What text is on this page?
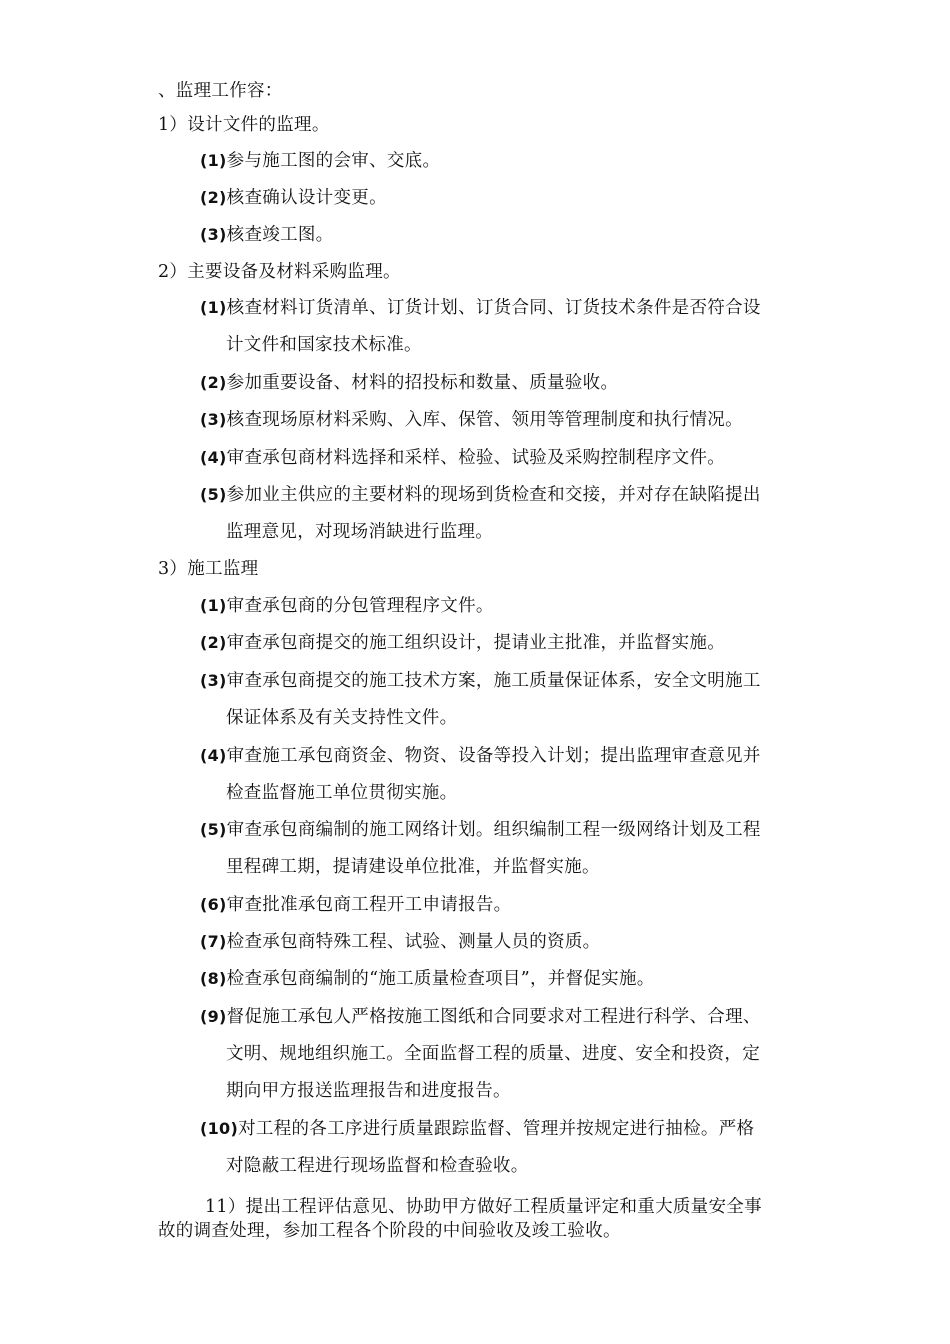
、监理工作容：
1）设计文件的监理。
(1)参与施工图的会审、交底。
(2)核查确认设计变更。
(3)核查竣工图。
2）主要设备及材料采购监理。
(1)核查材料订货清单、订货计划、订货合同、订货技术条件是否符合设
计文件和国家技术标准。
(2)参加重要设备、材料的招投标和数量、质量验收。
(3)核查现场原材料采购、入库、保管、领用等管理制度和执行情况。
(4)审查承包商材料选择和采样、检验、试验及采购控制程序文件。
(5)参加业主供应的主要材料的现场到货检查和交接，并对存在缺陷提出
监理意见，对现场消缺进行监理。
3）施工监理
(1)审查承包商的分包管理程序文件。
(2)审查承包商提交的施工组织设计，提请业主批准，并监督实施。
(3)审查承包商提交的施工技术方案，施工质量保证体系，安全文明施工
保证体系及有关支持性文件。
(4)审查施工承包商资金、物资、设备等投入计划；提出监理审查意见并
检查监督施工单位贯彻实施。
(5)审查承包商编制的施工网络计划。组织编制工程一级网络计划及工程
里程碑工期，提请建设单位批准，并监督实施。
(6)审查批准承包商工程开工申请报告。
(7)检查承包商特殊工程、试验、测量人员的资质。
(8)检查承包商编制的“施工质量检查项目”，并督促实施。
(9)督促施工承包人严格按施工图纸和合同要求对工程进行科学、合理、
文明、规地组织施工。全面监督工程的质量、进度、安全和投资，定
期向甲方报送监理报告和进度报告。
(10)对工程的各工序进行质量跟踪监督、管理并按规定进行抽检。严格
对隐蔽工程进行现场监督和检查验收。
11）提出工程评估意见、协助甲方做好工程质量评定和重大质量安全事
故的调查处理，参加工程各个阶段的中间验收及竣工验收。
